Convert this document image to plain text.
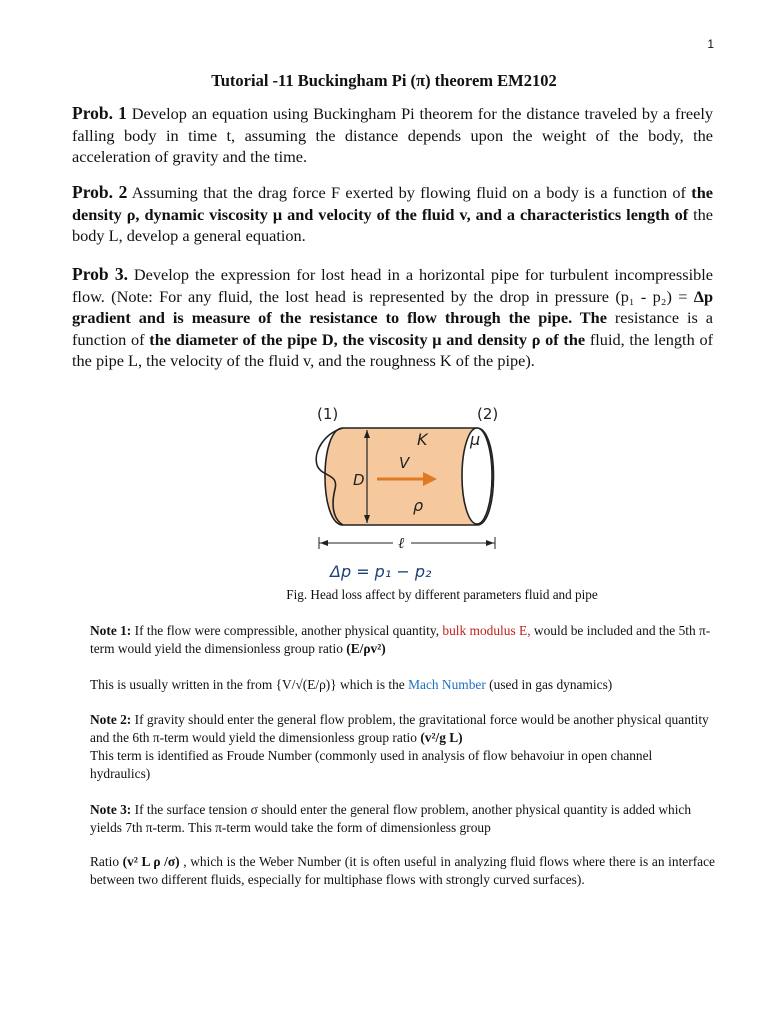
1
Tutorial -11 Buckingham Pi (π) theorem EM2102
Prob. 1 Develop an equation using Buckingham Pi theorem for the distance traveled by a freely falling body in time t, assuming the distance depends upon the weight of the body, the acceleration of gravity and the time.
Prob. 2 Assuming that the drag force F exerted by flowing fluid on a body is a function of the density ρ, dynamic viscosity μ and velocity of the fluid v, and a characteristics length of the body L, develop a general equation.
Prob 3. Develop the expression for lost head in a horizontal pipe for turbulent incompressible flow. (Note: For any fluid, the lost head is represented by the drop in pressure (p₁ - p₂) = Δp gradient and is measure of the resistance to flow through the pipe. The resistance is a function of the diameter of the pipe D, the viscosity μ and density ρ of the fluid, the length of the pipe L, the velocity of the fluid v, and the roughness K of the pipe).
(1)	(2)
D
K	μ
V
ρ
ℓ
Δp = p₁ − p₂
Fig. Head loss affect by different parameters fluid and pipe
Note 1: If the flow were compressible, another physical quantity, bulk modulus E, would be included and the 5th π-term would yield the dimensionless group ratio (E/ρv²)
This is usually written in the from {V/√(E/ρ)} which is the Mach Number (used in gas dynamics)
Note 2: If gravity should enter the general flow problem, the gravitational force would be another physical quantity and the 6th π-term would yield the dimensionless group ratio (v²/g L)
This term is identified as Froude Number (commonly used in analysis of flow behavoiur in open channel hydraulics)
Note 3: If the surface tension σ should enter the general flow problem, another physical quantity is added which yields 7th π-term. This π-term would take the form of dimensionless group
Ratio (v² L ρ /σ) , which is the Weber Number (it is often useful in analyzing fluid flows where there is an interface between two different fluids, especially for multiphase flows with strongly curved surfaces).
